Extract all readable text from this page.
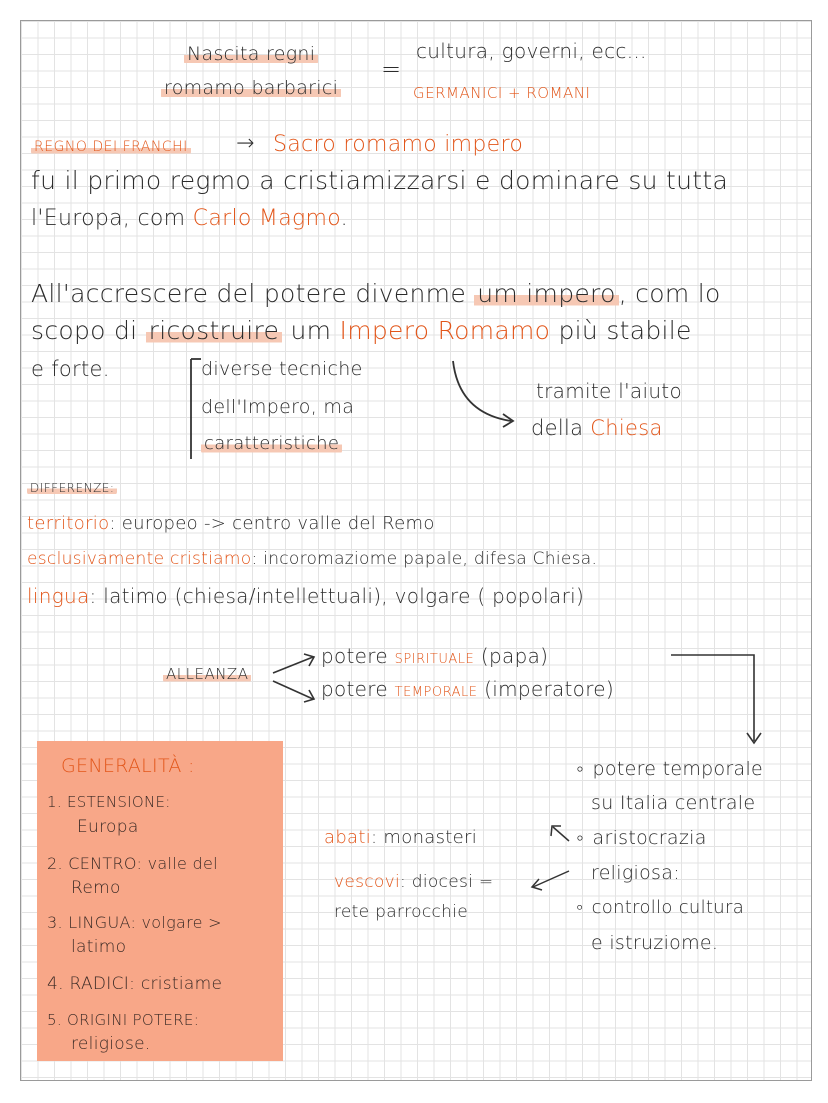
Nascita regni
romamo barbarici
=
cultura, governi, ecc...
GERMANICI + ROMANI
REGNO DEI FRANCHI → Sacro romamo impero
fu il primo regmo a cristiamizzarsi e dominare su tutta
l'Europa, com Carlo Magmo.
All'accrescere del potere divenme um impero , com lo
scopo di ricostruire um Impero Romamo più stabile
e forte.	diverse tecniche
dell'Impero, ma
caratteristiche
tramite l'aiuto
della Chiesa
DIFFERENZE:
territorio: europeo -> centro valle del Remo
esclusivamente cristiamo: incoromaziome papale, difesa Chiesa.
lingua: latimo (chiesa/intellettuali), volgare ( popolari)
ALLEANZA
potere SPIRITUALE (papa)
potere TEMPORALE (imperatore)
GENERALITÀ :
1. ESTENSIONE:
Europa
2. CENTRO: valle del
Remo
3. LINGUA: volgare >
latimo
4. RADICI: cristiame
5. ORIGINI POTERE:
religiose.
∘ potere temporale
su Italia centrale
∘ aristocrazia
religiosa:
∘ controllo cultura
e istruziome.
abati: monasteri
vescovi: diocesi =
rete parrocchie
